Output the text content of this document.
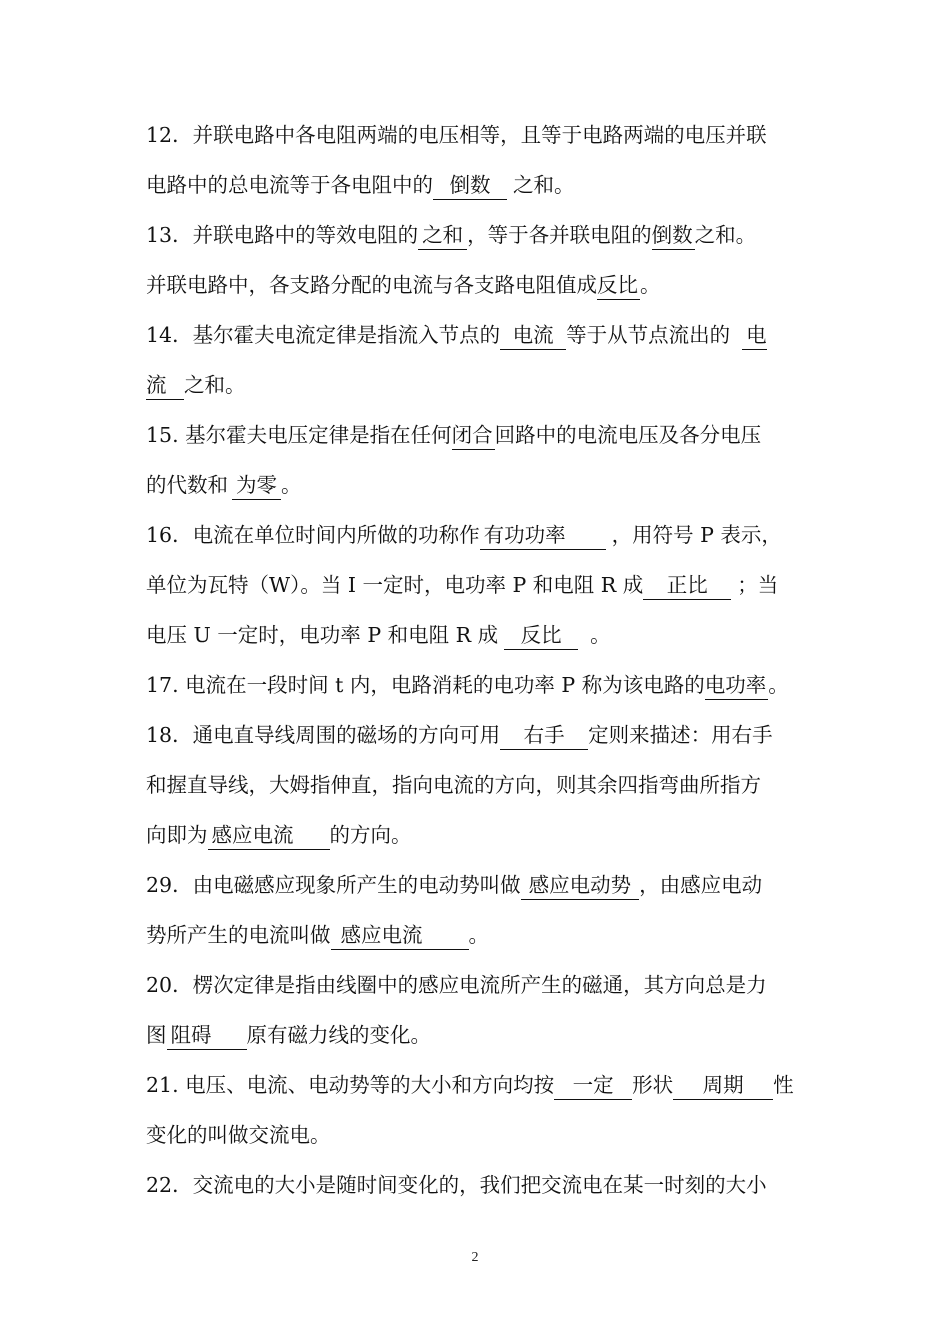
12．并联电路中各电阻两端的电压相等，且等于电路两端的电压并联
电路中的总电流等于各电阻中的 倒数 之和。
13．并联电路中的等效电阻的 之和 ，等于各并联电阻的倒数之和。
并联电路中，各支路分配的电流与各支路电阻值成反比。
14．基尔霍夫电流定律是指流入节点的 电流 等于从节点流出的 电
流 之和。
15. 基尔霍夫电压定律是指在任何闭合回路中的电流电压及各分电压
的代数和 为零 。
16．电流在单位时间内所做的功称作 有功功率 ，用符号 P 表示，
单位为瓦特（W）。当 I 一定时，电功率 P 和电阻 R 成 正比 ；当
电压 U 一定时，电功率 P 和电阻 R 成 反比 。
17. 电流在一段时间 t 内，电路消耗的电功率 P 称为该电路的电功率。
18．通电直导线周围的磁场的方向可用 右手 定则来描述：用右手
和握直导线，大姆指伸直，指向电流的方向，则其余四指弯曲所指方
向即为 感应电流 的方向。
29．由电磁感应现象所产生的电动势叫做 感应电动势 ，由感应电动
势所产生的电流叫做 感应电流 。
20．楞次定律是指由线圈中的感应电流所产生的磁通，其方向总是力
图 阻碍 原有磁力线的变化。
21. 电压、电流、电动势等的大小和方向均按 一定 形状 周期 性
变化的叫做交流电。
22．交流电的大小是随时间变化的，我们把交流电在某一时刻的大小
2
